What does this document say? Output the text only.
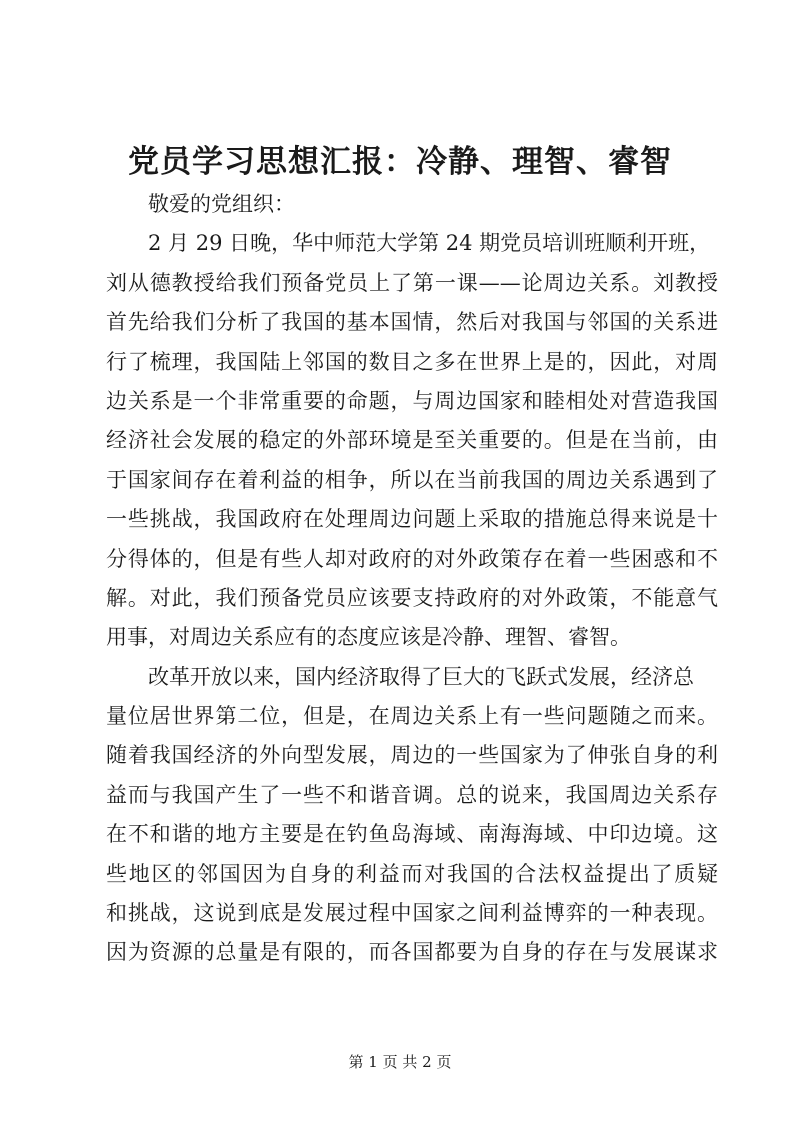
党员学习思想汇报：冷静、理智、睿智
敬爱的党组织：
2 月 29 日晚，华中师范大学第 24 期党员培训班顺利开班，
刘从德教授给我们预备党员上了第一课——论周边关系。刘教授
首先给我们分析了我国的基本国情，然后对我国与邻国的关系进
行了梳理，我国陆上邻国的数目之多在世界上是的，因此，对周
边关系是一个非常重要的命题，与周边国家和睦相处对营造我国
经济社会发展的稳定的外部环境是至关重要的。但是在当前，由
于国家间存在着利益的相争，所以在当前我国的周边关系遇到了
一些挑战，我国政府在处理周边问题上采取的措施总得来说是十
分得体的，但是有些人却对政府的对外政策存在着一些困惑和不
解。对此，我们预备党员应该要支持政府的对外政策，不能意气
用事，对周边关系应有的态度应该是冷静、理智、睿智。
改革开放以来，国内经济取得了巨大的飞跃式发展，经济总
量位居世界第二位，但是，在周边关系上有一些问题随之而来。
随着我国经济的外向型发展，周边的一些国家为了伸张自身的利
益而与我国产生了一些不和谐音调。总的说来，我国周边关系存
在不和谐的地方主要是在钓鱼岛海域、南海海域、中印边境。这
些地区的邻国因为自身的利益而对我国的合法权益提出了质疑
和挑战，这说到底是发展过程中国家之间利益博弈的一种表现。
因为资源的总量是有限的，而各国都要为自身的存在与发展谋求
第 1 页 共 2 页
